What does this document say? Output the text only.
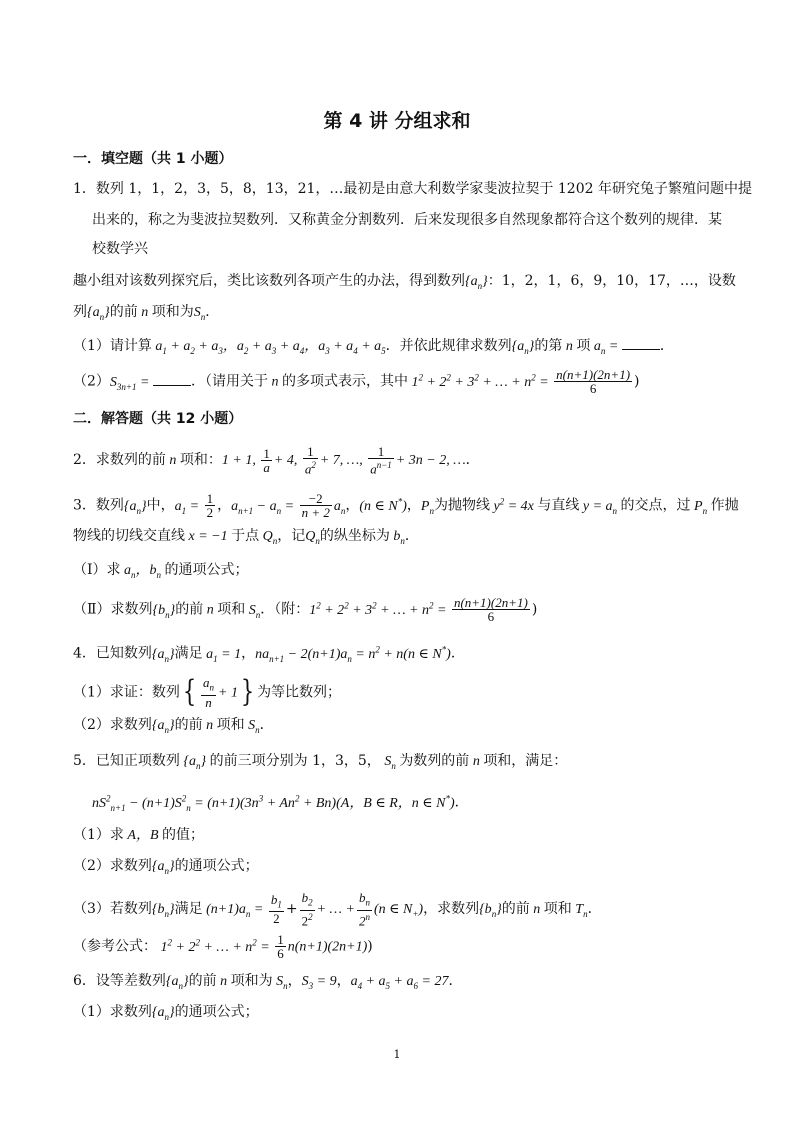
第 4 讲 分组求和
一．填空题（共 1 小题）
1．数列 1，1，2，3，5，8，13，21，…最初是由意大利数学家斐波拉契于 1202 年研究兔子繁殖问题中提
出来的，称之为斐波拉契数列．又称黄金分割数列．后来发现很多自然现象都符合这个数列的规律．某
校数学兴
趣小组对该数列探究后，类比该数列各项产生的办法，得到数列$\{a_n\}$：1，2，1，6，9，10，17，…，设数
列$\{a_n\}$的前 n 项和为$S_n$．
（1）请计算 $a_1 + a_2 + a_3$，$a_2 + a_3 + a_4$，$a_3 + a_4 + a_5$．并依此规律求数列$\{a_n\}$的第 n 项 $a_n$ =	．
$(2)S_{3n+1}$ =	．（请用关于 n 的多项式表示，其中 $1^2 + 2^2 + 3^2$ + … + $n^2 = \frac{n(n+1)(2n+1)}{6}$ )
二．解答题（共 12 小题）
2．求数列的前 n 项和：1 + 1, $\frac{1}{a} + 4$, $\frac{1}{a^2} + 7$, …, $\frac{1}{a^{n-1}} + 3n - 2$, …．
3．数列$\{a_n\}$中，$a_1 = \frac{1}{2}$ ，$a_{n+1} - a_n = \frac{-2}{n + 2} a_n$，(n ∈ N*)，$P_n$为抛物线 $y^2 = 4x$ 与直线 $y = a_n$ 的交点，过 $P_n$ 作抛
物线的切线交直线 x = −1 于点 $Q_n$，记$Q_n$的纵坐标为 $b_n$．
（Ⅰ）求 $a_n$，$b_n$ 的通项公式；
（Ⅱ）求数列$\{b_n\}$的前 n 项和 $S_n$．（附：$1^2 + 2^2 + 3^2$ + … + $n^2 = \frac{n(n+1)(2n+1)}{6}$ )
4．已知数列$\{a_n\}$满足 $a_1 = 1$，$na_{n+1} - 2(n+1)a_n = n^2 + n(n$ ∈ N*)．
（1）求证：数列{ $\frac{a_n}{n} + 1$} 为等比数列；
（2）求数列$\{a_n\}$的前 n 项和 $S_n$．
5．已知正项数列 $\{a_n\}$ 的前三项分别为 1，3，5， $S_n$ 为数列的前 n 项和，满足：
$nS^2_{n+1} - (n+1)S^2_n = (n+1)(3n^3 + An^2 + Bn)(A$，B ∈ R，n ∈ N*)．
（1）求 A，B 的值；
（2）求数列$\{a_n\}$的通项公式；
（3）若数列$\{b_n\}$满足 $(n+1)a_n = \frac{b_1}{2} + \frac{b_2}{2^2}$ + … + $\frac{b_n}{2^n} (n$ ∈ $N_+$)，求数列$\{b_n\}$的前 n 项和 $T_n$．
（参考公式： $1^2 + 2^2$ + … + $n^2 = \frac{1}{6} n(n+1)(2n+1)$)
6．设等差数列$\{a_n\}$的前 n 项和为 $S_n$，$S_3 = 9$，$a_4 + a_5 + a_6 = 27$．
（1）求数列$\{a_n\}$的通项公式；
1
